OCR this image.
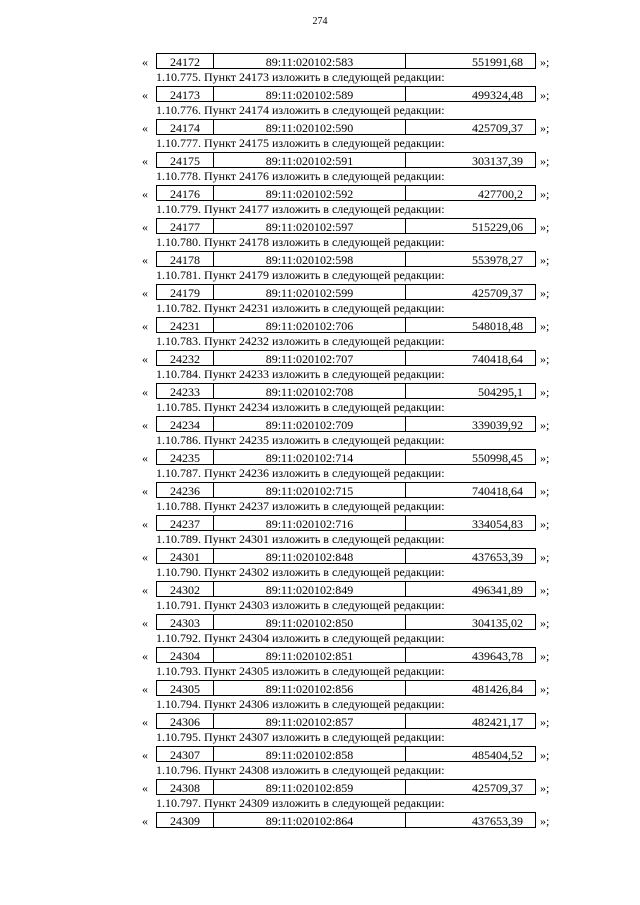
274
«	24172	89:11:020102:583	551991,68	»;
1.10.775. Пункт 24173 изложить в следующей редакции:
«	24173	89:11:020102:589	499324,48	»;
1.10.776. Пункт 24174 изложить в следующей редакции:
«	24174	89:11:020102:590	425709,37	»;
1.10.777. Пункт 24175 изложить в следующей редакции:
«	24175	89:11:020102:591	303137,39	»;
1.10.778. Пункт 24176 изложить в следующей редакции:
«	24176	89:11:020102:592	427700,2	»;
1.10.779. Пункт 24177 изложить в следующей редакции:
«	24177	89:11:020102:597	515229,06	»;
1.10.780. Пункт 24178 изложить в следующей редакции:
«	24178	89:11:020102:598	553978,27	»;
1.10.781. Пункт 24179 изложить в следующей редакции:
«	24179	89:11:020102:599	425709,37	»;
1.10.782. Пункт 24231 изложить в следующей редакции:
«	24231	89:11:020102:706	548018,48	»;
1.10.783. Пункт 24232 изложить в следующей редакции:
«	24232	89:11:020102:707	740418,64	»;
1.10.784. Пункт 24233 изложить в следующей редакции:
«	24233	89:11:020102:708	504295,1	»;
1.10.785. Пункт 24234 изложить в следующей редакции:
«	24234	89:11:020102:709	339039,92	»;
1.10.786. Пункт 24235 изложить в следующей редакции:
«	24235	89:11:020102:714	550998,45	»;
1.10.787. Пункт 24236 изложить в следующей редакции:
«	24236	89:11:020102:715	740418,64	»;
1.10.788. Пункт 24237 изложить в следующей редакции:
«	24237	89:11:020102:716	334054,83	»;
1.10.789. Пункт 24301 изложить в следующей редакции:
«	24301	89:11:020102:848	437653,39	»;
1.10.790. Пункт 24302 изложить в следующей редакции:
«	24302	89:11:020102:849	496341,89	»;
1.10.791. Пункт 24303 изложить в следующей редакции:
«	24303	89:11:020102:850	304135,02	»;
1.10.792. Пункт 24304 изложить в следующей редакции:
«	24304	89:11:020102:851	439643,78	»;
1.10.793. Пункт 24305 изложить в следующей редакции:
«	24305	89:11:020102:856	481426,84	»;
1.10.794. Пункт 24306 изложить в следующей редакции:
«	24306	89:11:020102:857	482421,17	»;
1.10.795. Пункт 24307 изложить в следующей редакции:
«	24307	89:11:020102:858	485404,52	»;
1.10.796. Пункт 24308 изложить в следующей редакции:
«	24308	89:11:020102:859	425709,37	»;
1.10.797. Пункт 24309 изложить в следующей редакции:
«	24309	89:11:020102:864	437653,39	»;
